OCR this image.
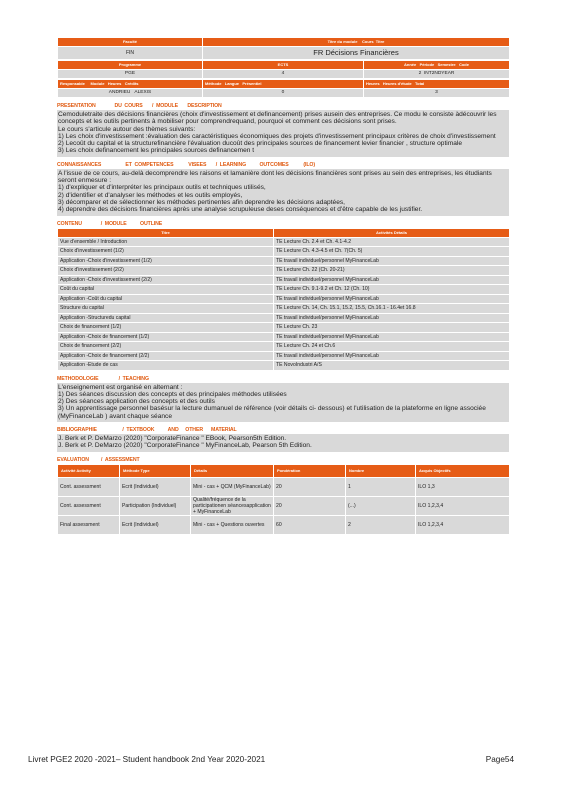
Faculté	Titre du module Cours Titre
FIN	FR Décisions Financières
Programme	ECTS	Année Période Semestre Code
PGE	4	2 INT2NDYEAR
Responsable Module Heures Crédits	Méthode Langue Présentiel	Heures Heures d'étude Total
ANDRIEU ALEXIS	0	3
PRESENTATION              DU  COURS       /  MODULE       DESCRIPTION

Cemoduletraite des décisions financières (choix d'investissement et definancement) prises ausein des entreprises. Ce modu le consiste àdécouvrir les concepts et les outils pertinents à mobiliser pour comprendrequand, pourquoi et comment ces décisions sont prises.

Le cours s'articule autour des thèmes suivants:

1) Les choix d'investissement :évaluation des caractéristiques économiques des projets d'investissement principaux critères de choix d'investissement

2) Lecoût du capital et la structurefinancière l'évaluation ducoût des principales sources de financement levier financier , structure optimale

3) Les choix definancement les principales sources definancemen t

CONNAISSANCES                  ET  COMPETENCES           VISEES       /  LEARNING          OUTCOMES           (ILO)

A l'issue de ce cours, au-delà decomprendre les raisons et lamanière dont les décisions financières sont prises au sein des entreprises, les étudiants seront enmesure :

1) d'expliquer et d'interpréter les principaux outils et techniques utilisés,

2) d'identifier et d'analyser les méthodes et les outils employés,

3) décomparer et de sélectionner les méthodes pertinentes afin deprendre les décisions adaptées,

4) deprendre des décisions financières après une analyse scrupuleuse deses conséquences et d'être capable de les justifier.

CONTENU              /  MODULE          OUTLINE
Titre	Activités Détails
Vue d'ensemble / Introduction	TE Lecture Ch. 2.4 et Ch. 4.1-4.2
Choix d'investissement (1/2)	TE Lecture Ch. 4.3-4.5 et Ch. 7(Ch. 5)
Application -Choix d'investissement (1/2)	TE travail individuel/personnel MyFinanceLab
Choix d'investissement (2/2)	TE Lecture Ch. 22 (Ch. 20-21)
Application -Choix d'investissement (2/2)	TE travail individuel/personnel MyFinanceLab
Coût du capital	TE Lecture Ch. 9.1-9.2 et Ch. 12 (Ch. 10)
Application -Coût du capital	TE travail individuel/personnel MyFinanceLab
Structure du capital	TE Lecture Ch. 14, Ch. 15.1, 15.2, 15.5, Ch.16.1 - 16.4et 16.8
Application -Structuredu capital	TE travail individuel/personnel MyFinanceLab
Choix de financement (1/2)	TE Lecture Ch. 23
Application -Choix de financement (1/2)	TE travail individuel/personnel MyFinanceLab
Choix de financement (2/2)	TE Lecture Ch. 24 et Ch.6
Application -Choix de financement (2/2)	TE travail individuel/personnel MyFinanceLab
Application -Etude de cas	TE NovoIndustri A/S
METHODOLOGIE               /  TEACHING

L'enseignement est organisé en alternant :

1) Des séances discussion des concepts et des principales méthodes utilisées

2) Des séances application des concepts et des outils

3) Un apprentissage personnel basésur la lecture dumanuel de référence (voir détails ci- dessous) et l'utilisation de la plateforme en ligne associée (MyFinanceLab ) avant chaque séance

BIBLIOGRAPHIE                   /  TEXTBOOK          AND     OTHER      MATERIAL

J. Berk et P. DeMarzo (2020) "CorporateFinance " EBook, Pearson5th Edition.

J. Berk et P. DeMarzo (2020) "CorporateFinance " MyFinanceLab, Pearson 5th Edition.

EVALUATION         /  ASSESSMENT
Activité Activity	Méthode Type	Détails	Pondération	Nombre	Acquis Objectifs
Cont. assessment	Ecrit (Individuel)	Mini - cas + QCM (MyFinanceLab)	20	1	ILO 1,3
Cont. assessment	Participation (Individuel)	Qualité/fréquence de la participationen séancesapplication + MyFinanceLab	20	(...)	ILO 1,2,3,4
Final assessment	Ecrit (Individuel)	Mini - cas + Questions ouvertes	60	2	ILO 1,2,3,4
Livret PGE2 2020 -2021– Student handbook 2nd Year 2020-2021	Page54
